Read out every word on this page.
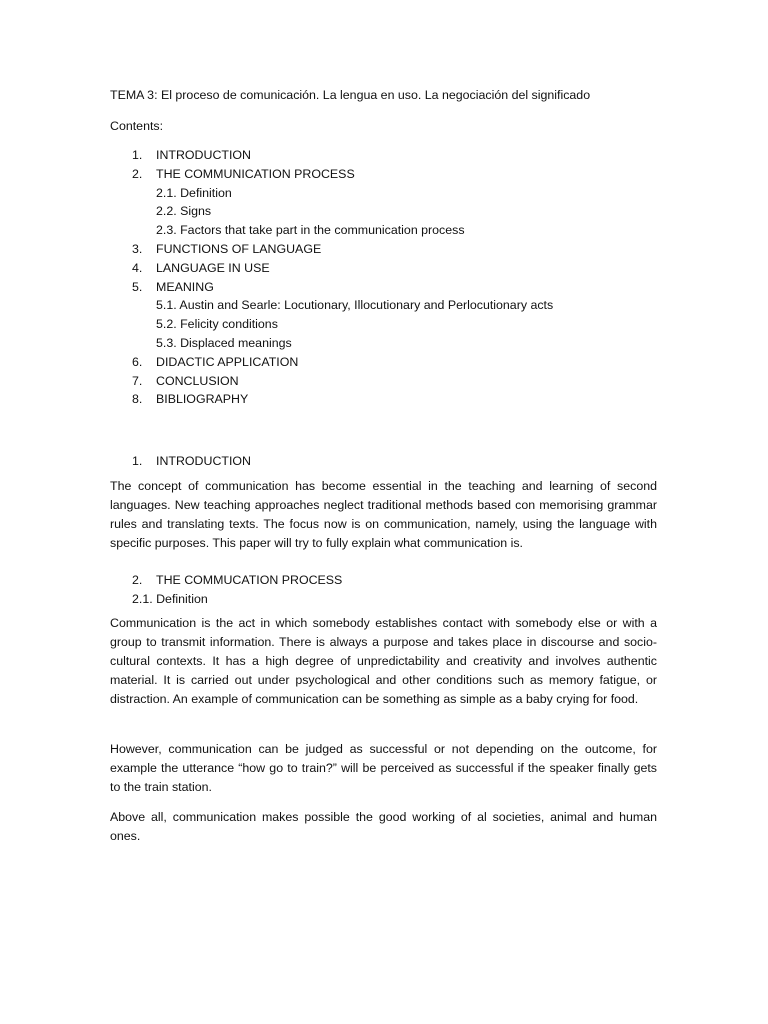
TEMA 3: El proceso de comunicación. La lengua en uso. La negociación del significado
Contents:
1. INTRODUCTION
2. THE COMMUNICATION PROCESS
2.1. Definition
2.2. Signs
2.3. Factors that take part in the communication process
3. FUNCTIONS OF LANGUAGE
4. LANGUAGE IN USE
5. MEANING
5.1. Austin and Searle: Locutionary, Illocutionary and Perlocutionary acts
5.2. Felicity conditions
5.3. Displaced meanings
6. DIDACTIC APPLICATION
7. CONCLUSION
8. BIBLIOGRAPHY
1. INTRODUCTION

The concept of communication has become essential in the teaching and learning of second languages. New teaching approaches neglect traditional methods based con memorising grammar rules and translating texts. The focus now is on communication, namely, using the language with specific purposes. This paper will try to fully explain what communication is.

2. THE COMMUCATION PROCESS
2.1. Definition

Communication is the act in which somebody establishes contact with somebody else or with a group to transmit information. There is always a purpose and takes place in discourse and socio-cultural contexts. It has a high degree of unpredictability and creativity and involves authentic material. It is carried out under psychological and other conditions such as memory fatigue, or distraction. An example of communication can be something as simple as a baby crying for food.

However, communication can be judged as successful or not depending on the outcome, for example the utterance “how go to train?” will be perceived as successful if the speaker finally gets to the train station.

Above all, communication makes possible the good working of al societies, animal and human ones.
